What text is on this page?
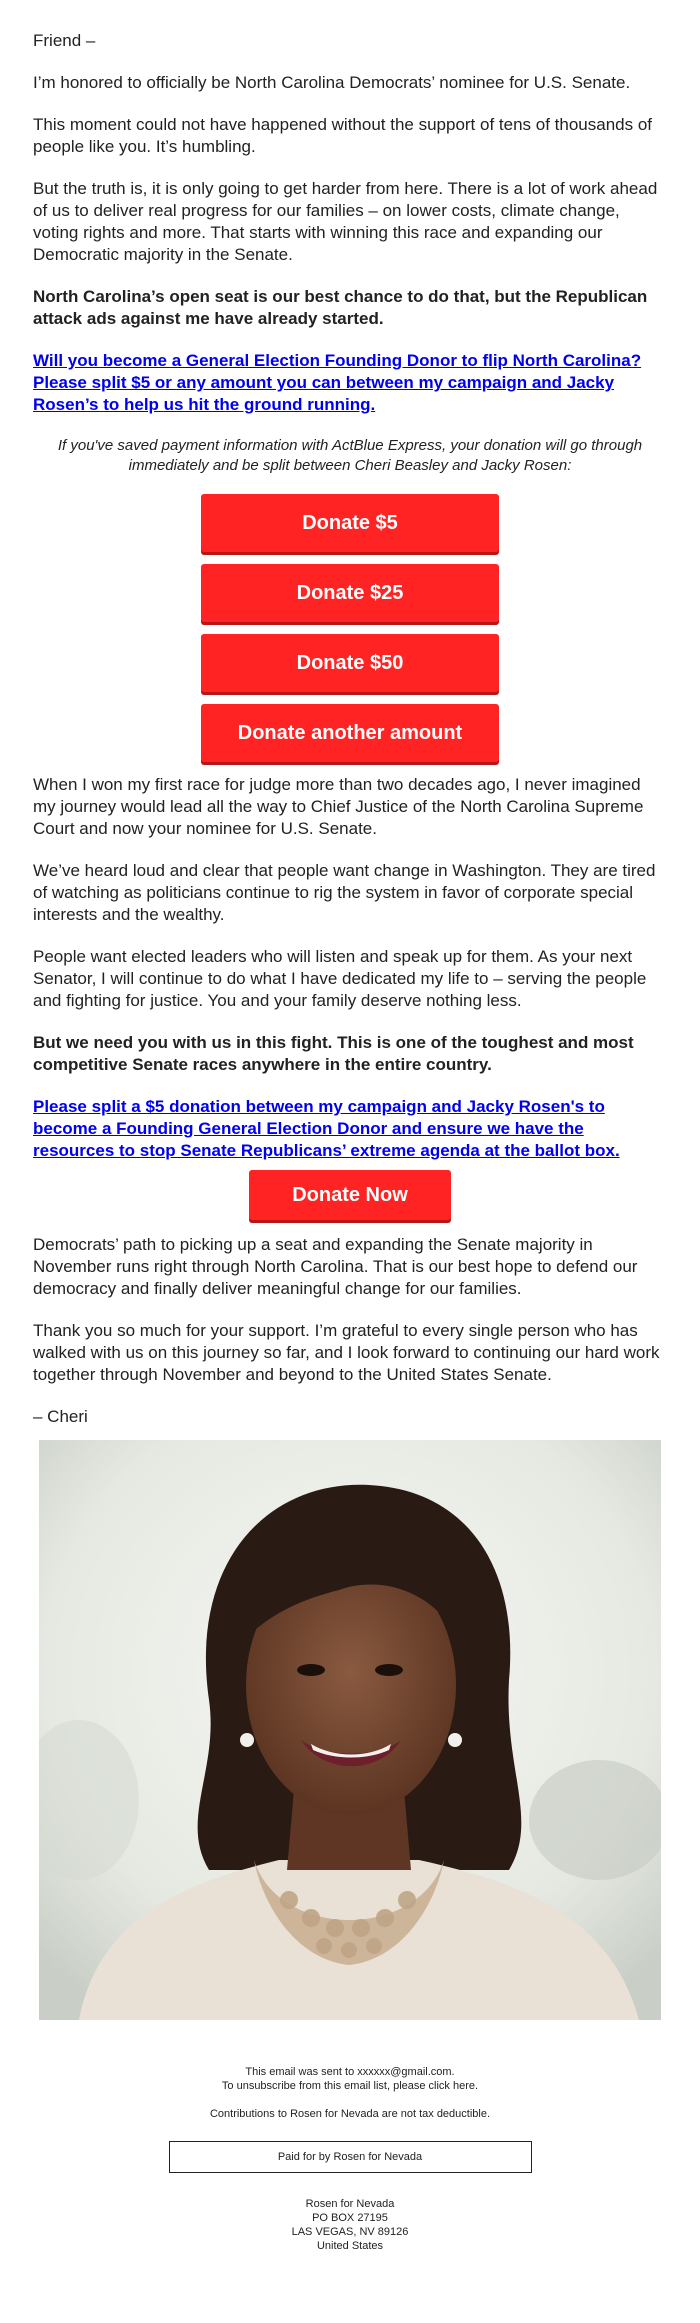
Friend –

I’m honored to officially be North Carolina Democrats’ nominee for U.S. Senate.

This moment could not have happened without the support of tens of thousands of people like you. It’s humbling.

But the truth is, it is only going to get harder from here. There is a lot of work ahead of us to deliver real progress for our families – on lower costs, climate change, voting rights and more. That starts with winning this race and expanding our Democratic majority in the Senate.

North Carolina’s open seat is our best chance to do that, but the Republican attack ads against me have already started.

Will you become a General Election Founding Donor to flip North Carolina? Please split $5 or any amount you can between my campaign and Jacky Rosen’s to help us hit the ground running.

If you've saved payment information with ActBlue Express, your donation will go through immediately and be split between Cheri Beasley and Jacky Rosen:

Donate $5
Donate $25
Donate $50
Donate another amount

When I won my first race for judge more than two decades ago, I never imagined my journey would lead all the way to Chief Justice of the North Carolina Supreme Court and now your nominee for U.S. Senate.

We’ve heard loud and clear that people want change in Washington. They are tired of watching as politicians continue to rig the system in favor of corporate special interests and the wealthy.

People want elected leaders who will listen and speak up for them. As your next Senator, I will continue to do what I have dedicated my life to – serving the people and fighting for justice. You and your family deserve nothing less.

But we need you with us in this fight. This is one of the toughest and most competitive Senate races anywhere in the entire country.

Please split a $5 donation between my campaign and Jacky Rosen's to become a Founding General Election Donor and ensure we have the resources to stop Senate Republicans’ extreme agenda at the ballot box.

Donate Now

Democrats’ path to picking up a seat and expanding the Senate majority in November runs right through North Carolina. That is our best hope to defend our democracy and finally deliver meaningful change for our families.

Thank you so much for your support. I’m grateful to every single person who has walked with us on this journey so far, and I look forward to continuing our hard work together through November and beyond to the United States Senate.

– Cheri

This email was sent to xxxxxx@gmail.com.

To unsubscribe from this email list, please click here.

Contributions to Rosen for Nevada are not tax deductible.

Paid for by Rosen for Nevada

Rosen for Nevada

PO BOX 27195

LAS VEGAS, NV 89126

United States
